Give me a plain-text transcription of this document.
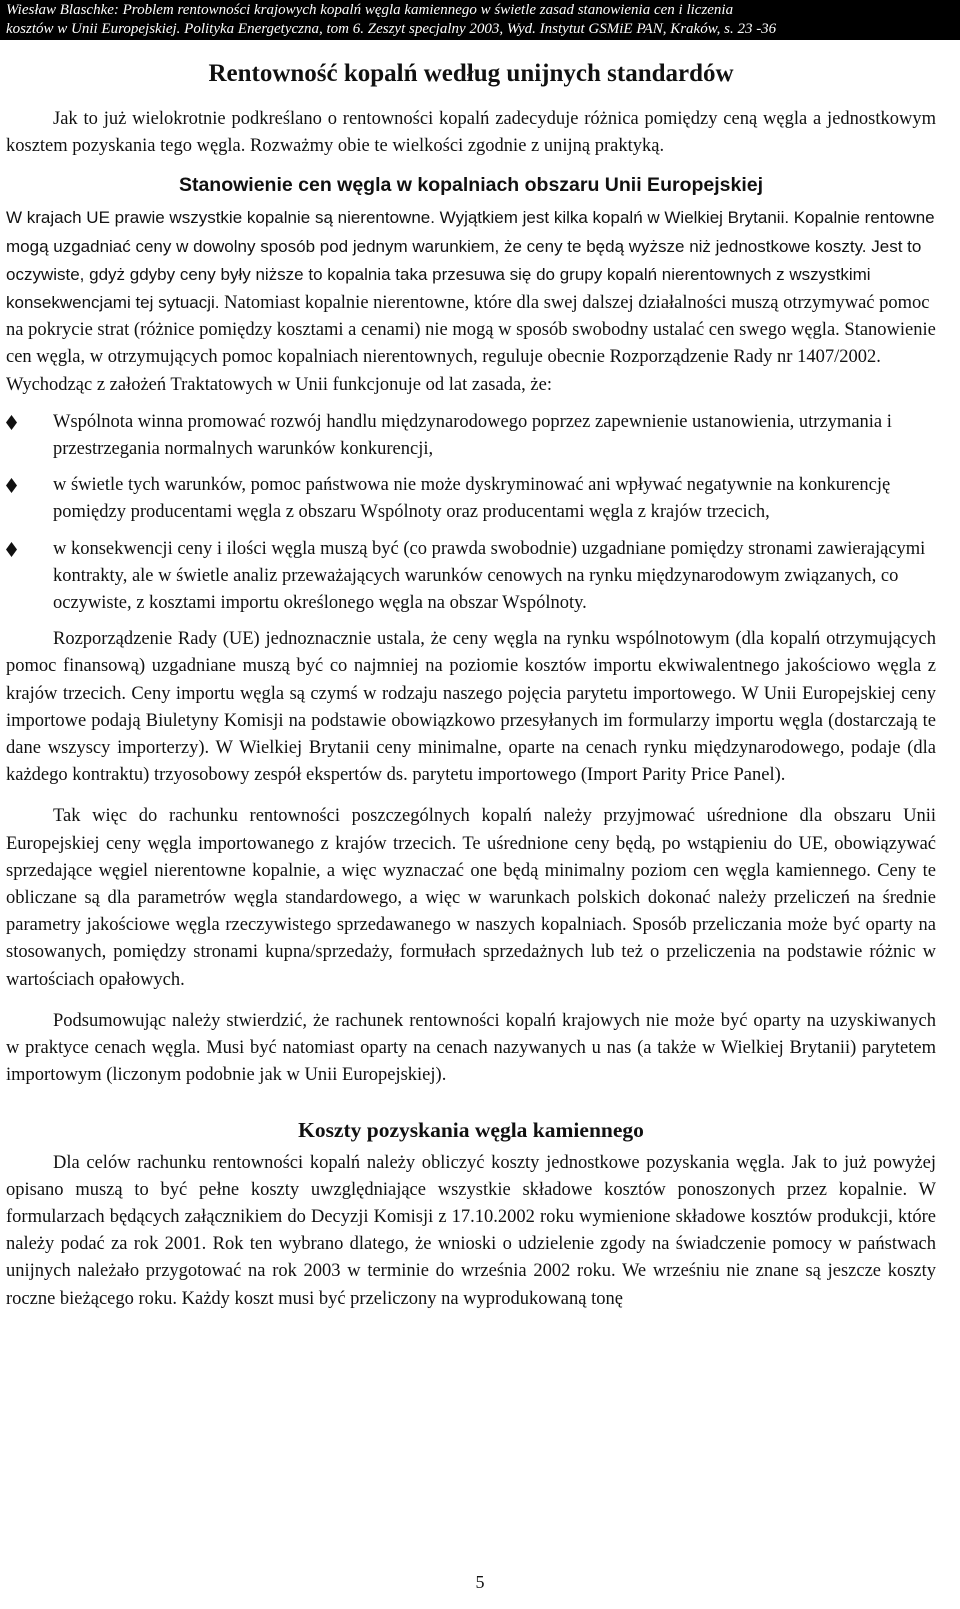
Wiesław Blaschke: Problem rentowności krajowych kopalń węgla kamiennego w świetle zasad stanowienia cen i liczenia
kosztów w Unii Europejskiej. Polityka Energetyczna, tom 6. Zeszyt specjalny 2003, Wyd. Instytut GSMiE PAN, Kraków, s. 23 -36
Rentowność kopalń według unijnych standardów

Jak to już wielokrotnie podkreślano o rentowności kopalń zadecyduje różnica pomiędzy ceną węgla a jednostkowym kosztem pozyskania tego węgla. Rozważmy obie te wielkości zgodnie z unijną praktyką.

Stanowienie cen węgla w kopalniach obszaru Unii Europejskiej

W krajach UE prawie wszystkie kopalnie są nierentowne. Wyjątkiem jest kilka kopalń w Wielkiej Brytanii. Kopalnie rentowne mogą uzgadniać ceny w dowolny sposób pod jednym warunkiem, że ceny te będą wyższe niż jednostkowe koszty. Jest to oczywiste, gdyż gdyby ceny były niższe to kopalnia taka przesuwa się do grupy kopalń nierentownych z wszystkimi konsekwencjami tej sytuacji. Natomiast kopalnie nierentowne, które dla swej dalszej działalności muszą otrzymywać pomoc na pokrycie strat (różnice pomiędzy kosztami a cenami) nie mogą w sposób swobodny ustalać cen swego węgla. Stanowienie cen węgla, w otrzymujących pomoc kopalniach nierentownych, reguluje obecnie Rozporządzenie Rady nr 1407/2002. Wychodząc z założeń Traktatowych w Unii funkcjonuje od lat zasada, że:
Wspólnota winna promować rozwój handlu międzynarodowego poprzez zapewnienie ustanowienia, utrzymania i przestrzegania normalnych warunków konkurencji,
w świetle tych warunków, pomoc państwowa nie może dyskryminować ani wpływać negatywnie na konkurencję pomiędzy producentami węgla z obszaru Wspólnoty oraz producentami węgla z krajów trzecich,
w konsekwencji ceny i ilości węgla muszą być (co prawda swobodnie) uzgadniane pomiędzy stronami zawierającymi kontrakty, ale w świetle analiz przeważających warunków cenowych na rynku międzynarodowym związanych, co oczywiste, z kosztami importu określonego węgla na obszar Wspólnoty.

Rozporządzenie Rady (UE) jednoznacznie ustala, że ceny węgla na rynku wspólnotowym (dla kopalń otrzymujących pomoc finansową) uzgadniane muszą być co najmniej na poziomie kosztów importu ekwiwalentnego jakościowo węgla z krajów trzecich. Ceny importu węgla są czymś w rodzaju naszego pojęcia parytetu importowego. W Unii Europejskiej ceny importowe podają Biuletyny Komisji na podstawie obowiązkowo przesyłanych im formularzy importu węgla (dostarczają te dane wszyscy importerzy). W Wielkiej Brytanii ceny minimalne, oparte na cenach rynku międzynarodowego, podaje (dla każdego kontraktu) trzyosobowy zespół ekspertów ds. parytetu importowego (Import Parity Price Panel).

Tak więc do rachunku rentowności poszczególnych kopalń należy przyjmować uśrednione dla obszaru Unii Europejskiej ceny węgla importowanego z krajów trzecich. Te uśrednione ceny będą, po wstąpieniu do UE, obowiązywać sprzedające węgiel nierentowne kopalnie, a więc wyznaczać one będą minimalny poziom cen węgla kamiennego. Ceny te obliczane są dla parametrów węgla standardowego, a więc w warunkach polskich dokonać należy przeliczeń na średnie parametry jakościowe węgla rzeczywistego sprzedawanego w naszych kopalniach. Sposób przeliczania może być oparty na stosowanych, pomiędzy stronami kupna/sprzedaży, formułach sprzedażnych lub też o przeliczenia na podstawie różnic w wartościach opałowych.

Podsumowując należy stwierdzić, że rachunek rentowności kopalń krajowych nie może być oparty na uzyskiwanych w praktyce cenach węgla. Musi być natomiast oparty na cenach nazywanych u nas (a także w Wielkiej Brytanii) parytetem importowym (liczonym podobnie jak w Unii Europejskiej).

Koszty pozyskania węgla kamiennego

Dla celów rachunku rentowności kopalń należy obliczyć koszty jednostkowe pozyskania węgla. Jak to już powyżej opisano muszą to być pełne koszty uwzględniające wszystkie składowe kosztów ponoszonych przez kopalnie. W formularzach będących załącznikiem do Decyzji Komisji z 17.10.2002 roku wymienione składowe kosztów produkcji, które należy podać za rok 2001. Rok ten wybrano dlatego, że wnioski o udzielenie zgody na świadczenie pomocy w państwach unijnych należało przygotować na rok 2003 w terminie do września 2002 roku. We wrześniu nie znane są jeszcze koszty roczne bieżącego roku. Każdy koszt musi być przeliczony na wyprodukowaną tonę

5
